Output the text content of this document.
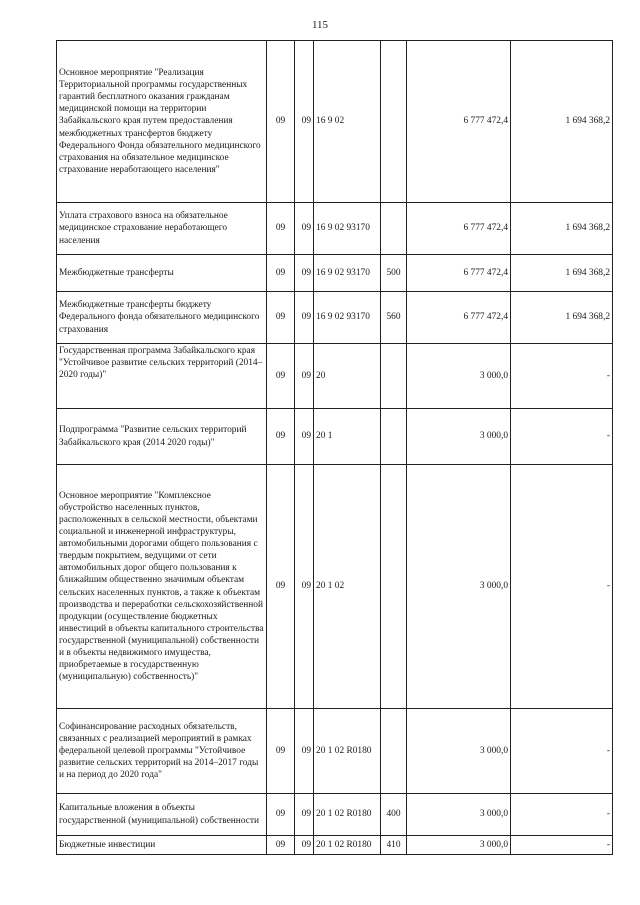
115
Основное мероприятие "Реализация Территориальной программы государственных гарантий бесплатного оказания гражданам медицинской помощи на территории Забайкальского края путем предоставления межбюджетных трансфертов бюджету Федерального Фонда обязательного медицинского страхования на обязательное медицинское страхование неработающего населения"	09	09	16 9 02		6 777 472,4	1 694 368,2
Уплата страхового взноса на обязательное медицинское страхование неработающего населения	09	09	16 9 02 93170		6 777 472,4	1 694 368,2
Межбюджетные трансферты	09	09	16 9 02 93170	500	6 777 472,4	1 694 368,2
Межбюджетные трансферты бюджету Федерального фонда обязательного медицинского страхования	09	09	16 9 02 93170	560	6 777 472,4	1 694 368,2
Государственная программа Забайкальского края "Устойчивое развитие сельских территорий (2014–2020 годы)"	09	09	20		3 000,0	-
Подпрограмма "Развитие сельских территорий Забайкальского края (2014 2020 годы)"	09	09	20 1		3 000,0	-
Основное мероприятие "Комплексное обустройство населенных пунктов, расположенных в сельской местности, объектами социальной и инженерной инфраструктуры, автомобильными дорогами общего пользования с твердым покрытием, ведущими от сети автомобильных дорог общего пользования к ближайшим общественно значимым объектам сельских населенных пунктов, а также к объектам производства и переработки сельскохозяйственной продукции (осуществление бюджетных инвестиций в объекты капитального строительства государственной (муниципальной) собственности и в объекты недвижимого имущества, приобретаемые в государственную (муниципальную) собственность)"	09	09	20 1 02		3 000,0	-
Софинансирование расходных обязательств, связанных с реализацией мероприятий в рамках федеральной целевой программы "Устойчивое развитие сельских территорий на 2014–2017 годы и на период до 2020 года"	09	09	20 1 02 R0180		3 000,0	-
Капитальные вложения в объекты государственной (муниципальной) собственности	09	09	20 1 02 R0180	400	3 000,0	-
Бюджетные инвестиции	09	09	20 1 02 R0180	410	3 000,0	-
